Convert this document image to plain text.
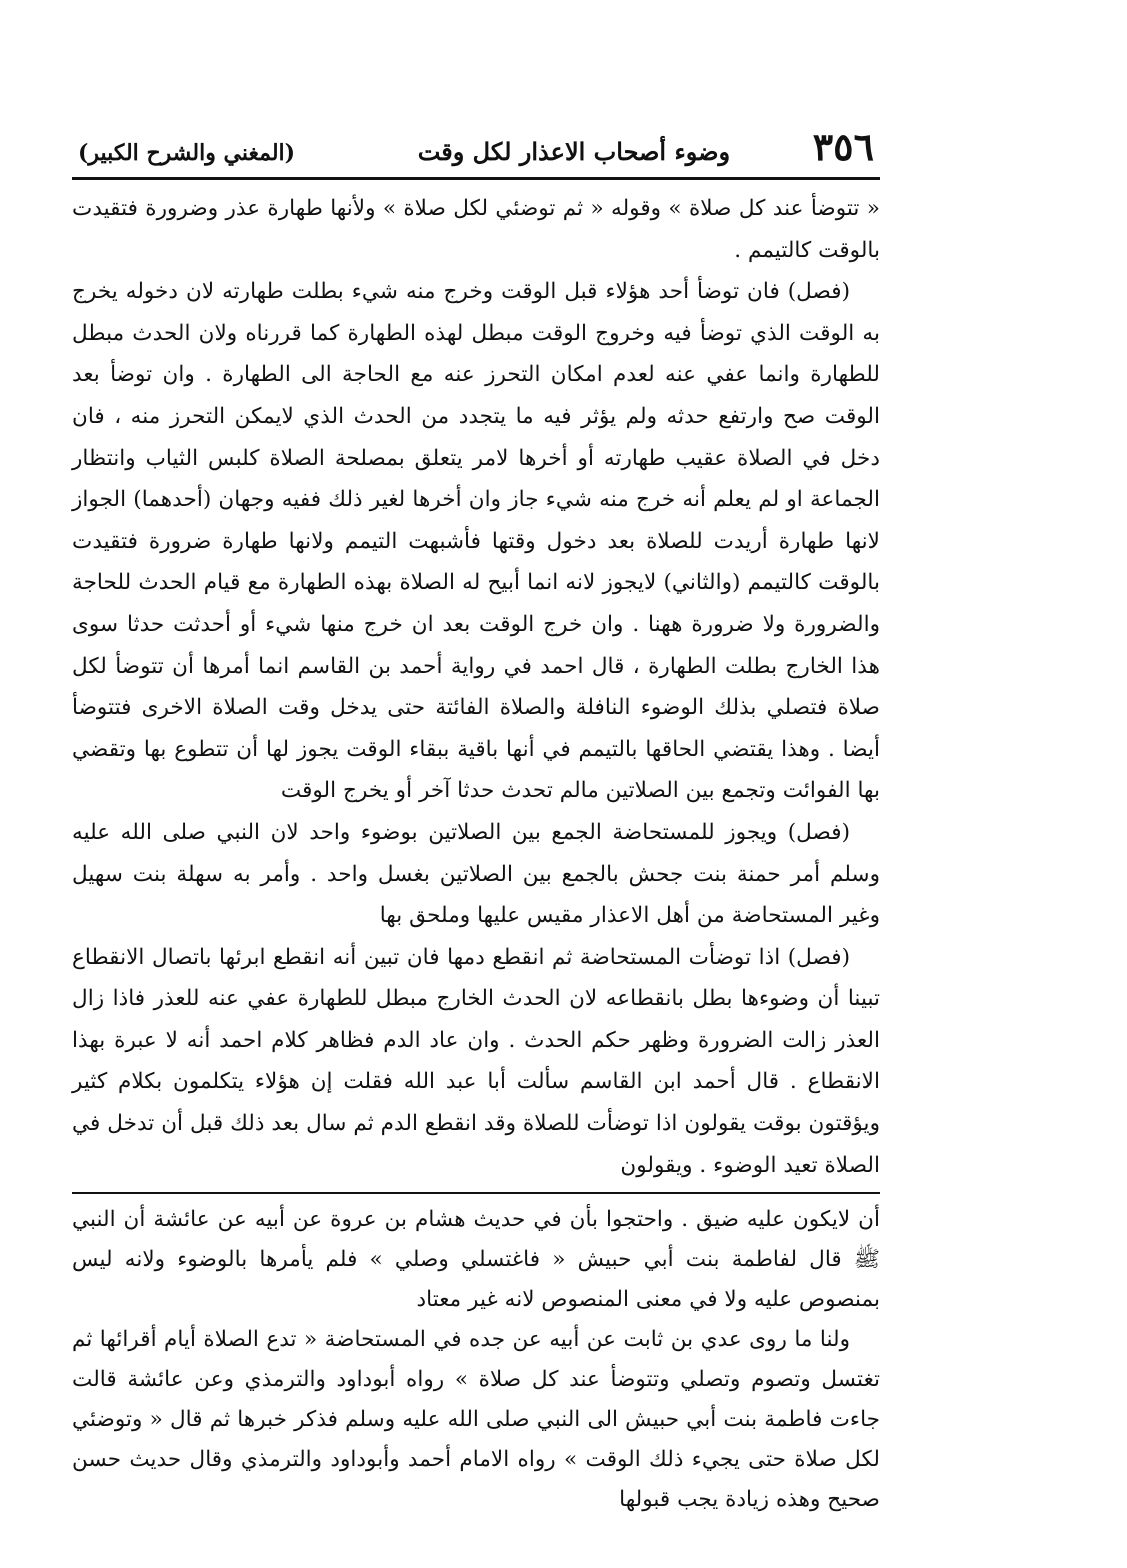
٣٥٦
وضوء أصحاب الاعذار لكل وقت
(المغني والشرح الكبير)

« تتوضأ عند كل صلاة » وقوله « ثم توضئي لكل صلاة » ولأنها طهارة عذر وضرورة فتقيدت بالوقت كالتيمم .

(فصل) فان توضأ أحد هؤلاء قبل الوقت وخرج منه شيء بطلت طهارته لان دخوله يخرج به الوقت الذي توضأ فيه وخروج الوقت مبطل لهذه الطهارة كما قررناه ولان الحدث مبطل للطهارة وانما عفي عنه لعدم امكان التحرز عنه مع الحاجة الى الطهارة . وان توضأ بعد الوقت صح وارتفع حدثه ولم يؤثر فيه ما يتجدد من الحدث الذي لايمكن التحرز منه ، فان دخل في الصلاة عقيب طهارته أو أخرها لامر يتعلق بمصلحة الصلاة كلبس الثياب وانتظار الجماعة او لم يعلم أنه خرج منه شيء جاز وان أخرها لغير ذلك ففيه وجهان (أحدهما) الجواز لانها طهارة أريدت للصلاة بعد دخول وقتها فأشبهت التيمم ولانها طهارة ضرورة فتقيدت بالوقت كالتيمم (والثاني) لايجوز لانه انما أبيح له الصلاة بهذه الطهارة مع قيام الحدث للحاجة والضرورة ولا ضرورة ههنا . وان خرج الوقت بعد ان خرج منها شيء أو أحدثت حدثا سوى هذا الخارج بطلت الطهارة ، قال احمد في رواية أحمد بن القاسم انما أمرها أن تتوضأ لكل صلاة فتصلي بذلك الوضوء النافلة والصلاة الفائتة حتى يدخل وقت الصلاة الاخرى فتتوضأ أيضا . وهذا يقتضي الحاقها بالتيمم في أنها باقية ببقاء الوقت يجوز لها أن تتطوع بها وتقضي بها الفوائت وتجمع بين الصلاتين مالم تحدث حدثا آخر أو يخرج الوقت

(فصل) ويجوز للمستحاضة الجمع بين الصلاتين بوضوء واحد لان النبي صلى الله عليه وسلم أمر حمنة بنت جحش بالجمع بين الصلاتين بغسل واحد . وأمر به سهلة بنت سهيل وغير المستحاضة من أهل الاعذار مقيس عليها وملحق بها

(فصل) اذا توضأت المستحاضة ثم انقطع دمها فان تبين أنه انقطع ابرئها باتصال الانقطاع تبينا أن وضوءها بطل بانقطاعه لان الحدث الخارج مبطل للطهارة عفي عنه للعذر فاذا زال العذر زالت الضرورة وظهر حكم الحدث . وان عاد الدم فظاهر كلام احمد أنه لا عبرة بهذا الانقطاع . قال أحمد ابن القاسم سألت أبا عبد الله فقلت إن هؤلاء يتكلمون بكلام كثير ويؤقتون بوقت يقولون اذا توضأت للصلاة وقد انقطع الدم ثم سال بعد ذلك قبل أن تدخل في الصلاة تعيد الوضوء . ويقولون

أن لايكون عليه ضيق . واحتجوا بأن في حديث هشام بن عروة عن أبيه عن عائشة أن النبي ﷺ قال لفاطمة بنت أبي حبيش « فاغتسلي وصلي » فلم يأمرها بالوضوء ولانه ليس بمنصوص عليه ولا في معنى المنصوص لانه غير معتاد

ولنا ما روى عدي بن ثابت عن أبيه عن جده في المستحاضة « تدع الصلاة أيام أقرائها ثم تغتسل وتصوم وتصلي وتتوضأ عند كل صلاة » رواه أبوداود والترمذي وعن عائشة قالت جاءت فاطمة بنت أبي حبيش الى النبي صلى الله عليه وسلم فذكر خبرها ثم قال « وتوضئي لكل صلاة حتى يجيء ذلك الوقت » رواه الامام أحمد وأبوداود والترمذي وقال حديث حسن صحيح وهذه زيادة يجب قبولها
